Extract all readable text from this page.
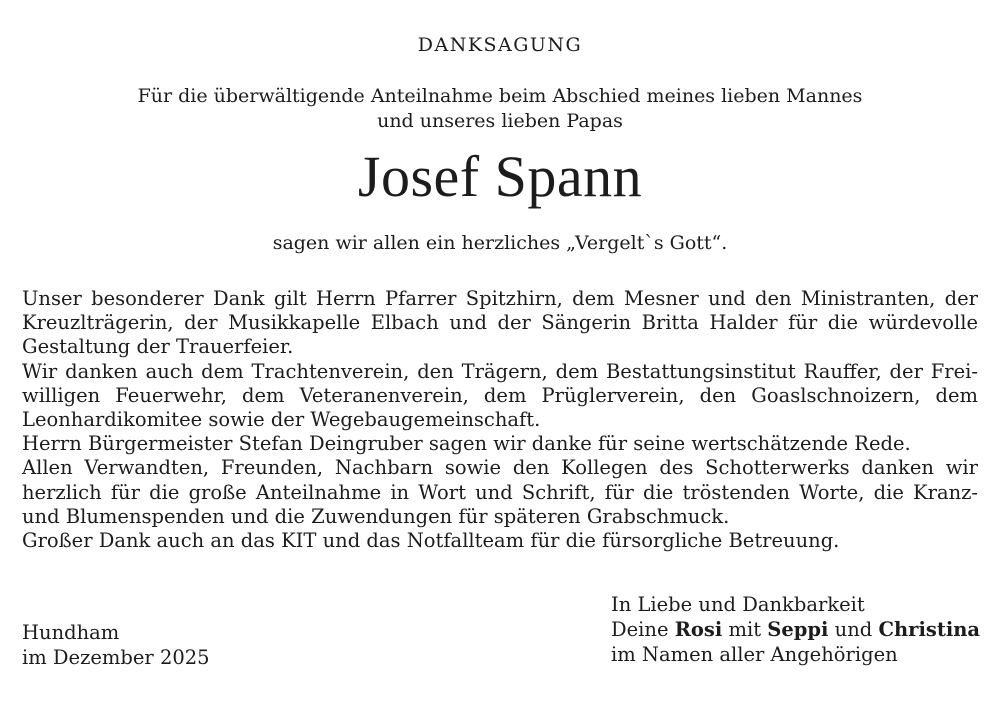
DANKSAGUNG
Für die überwältigende Anteilnahme beim Abschied meines lieben Mannes
und unseres lieben Papas
Josef Spann
sagen wir allen ein herzliches „Vergelt`s Gott“.
Unser besonderer Dank gilt Herrn Pfarrer Spitzhirn, dem Mesner und den Ministranten, der
Kreuzlträgerin, der Musikkapelle Elbach und der Sängerin Britta Halder für die würdevolle
Gestaltung der Trauerfeier.
Wir danken auch dem Trachtenverein, den Trägern, dem Bestattungsinstitut Rauffer, der Frei-
willigen Feuerwehr, dem Veteranenverein, dem Prüglerverein, den Goaslschnoizern, dem
Leonhardikomitee sowie der Wegebaugemeinschaft.
Herrn Bürgermeister Stefan Deingruber sagen wir danke für seine wertschätzende Rede.
Allen Verwandten, Freunden, Nachbarn sowie den Kollegen des Schotterwerks danken wir
herzlich für die große Anteilnahme in Wort und Schrift, für die tröstenden Worte, die Kranz-
und Blumenspenden und die Zuwendungen für späteren Grabschmuck.
Großer Dank auch an das KIT und das Notfallteam für die fürsorgliche Betreuung.
Hundham
im Dezember 2025
In Liebe und Dankbarkeit
Deine Rosi mit Seppi und Christina
im Namen aller Angehörigen
